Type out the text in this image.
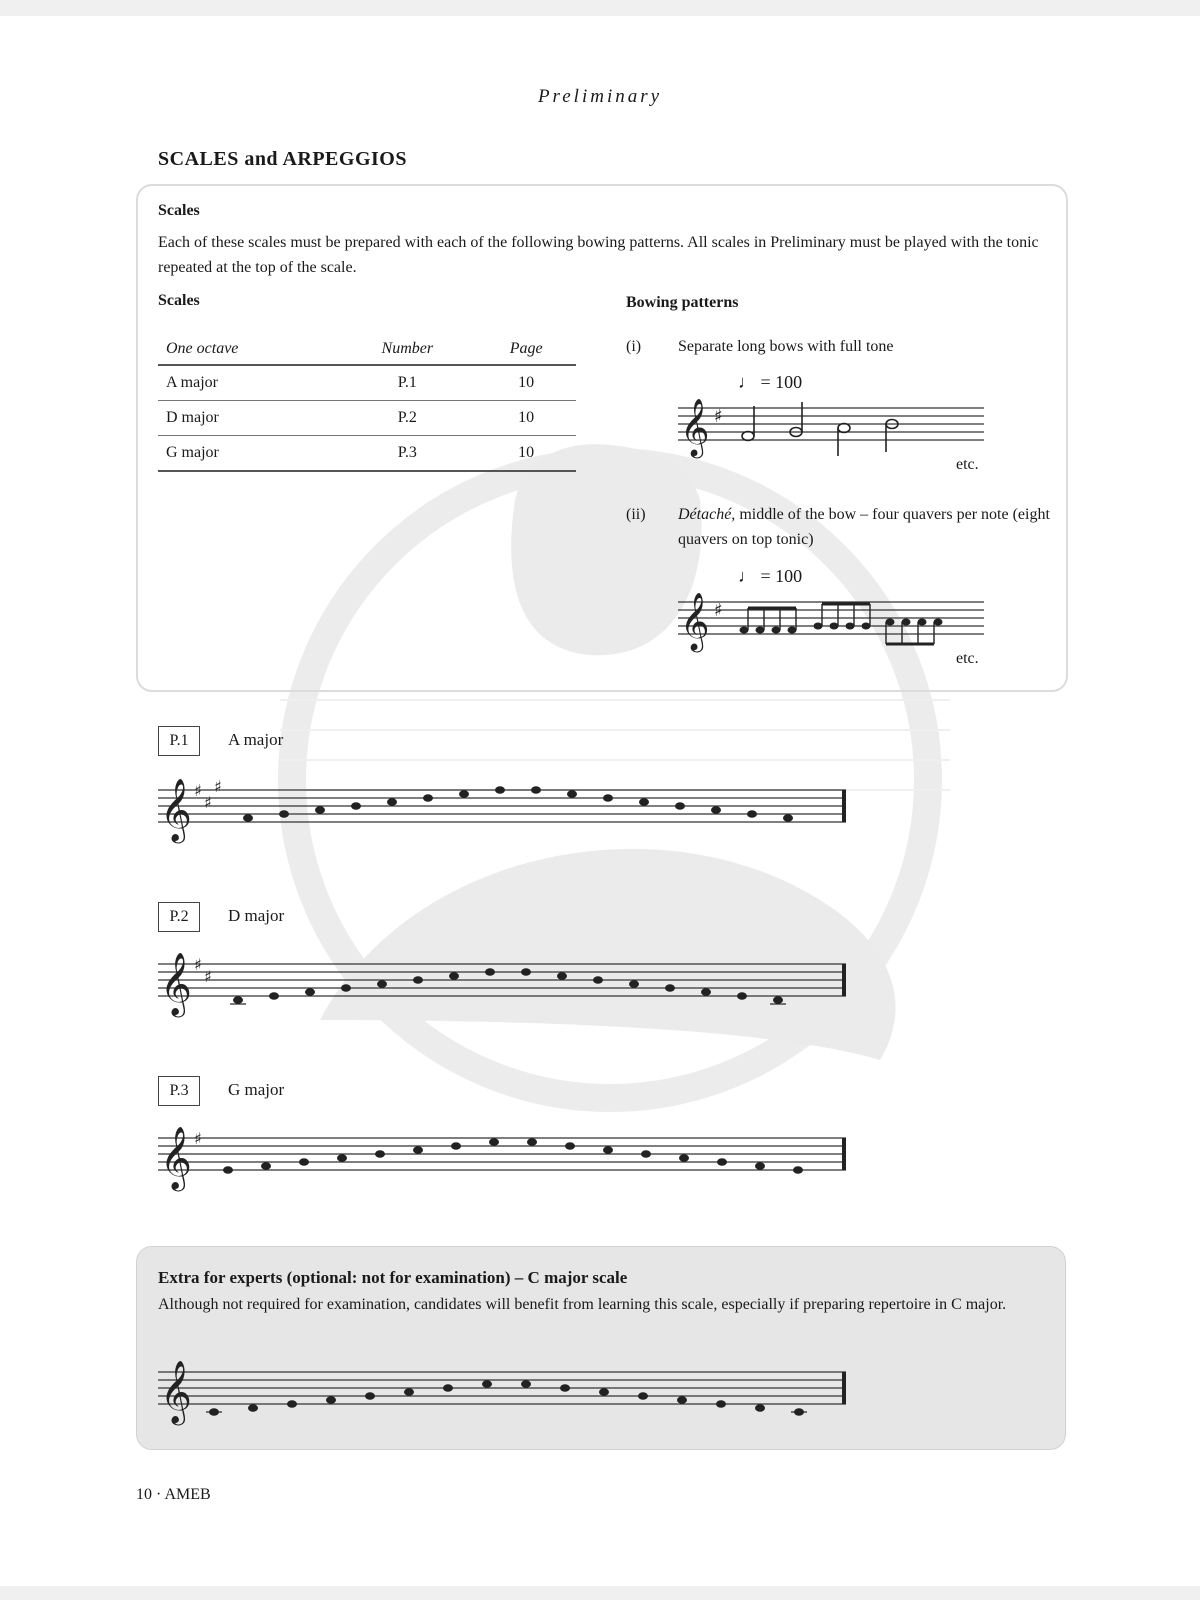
Preliminary
SCALES and ARPEGGIOS
Scales
Each of these scales must be prepared with each of the following bowing patterns. All scales in Preliminary must be played with the tonic repeated at the top of the scale.
Scales
One octave	Number	Page
A major	P.1	10
D major	P.2	10
G major	P.3	10
Bowing patterns
(i) Separate long bows with full tone
♩ = 100
𝄞 ♯
etc.
(ii) Détaché, middle of the bow – four quavers per note (eight quavers on top tonic)
♩ = 100
𝄞 ♯
etc.
P.1	A major
𝄞 ♯
♯
♯
P.2	D major
𝄞 ♯
♯
P.3	G major
𝄞 ♯
Extra for experts (optional: not for examination) – C major scale
Although not required for examination, candidates will benefit from learning this scale, especially if preparing repertoire in C major.
𝄞
10 · AMEB
